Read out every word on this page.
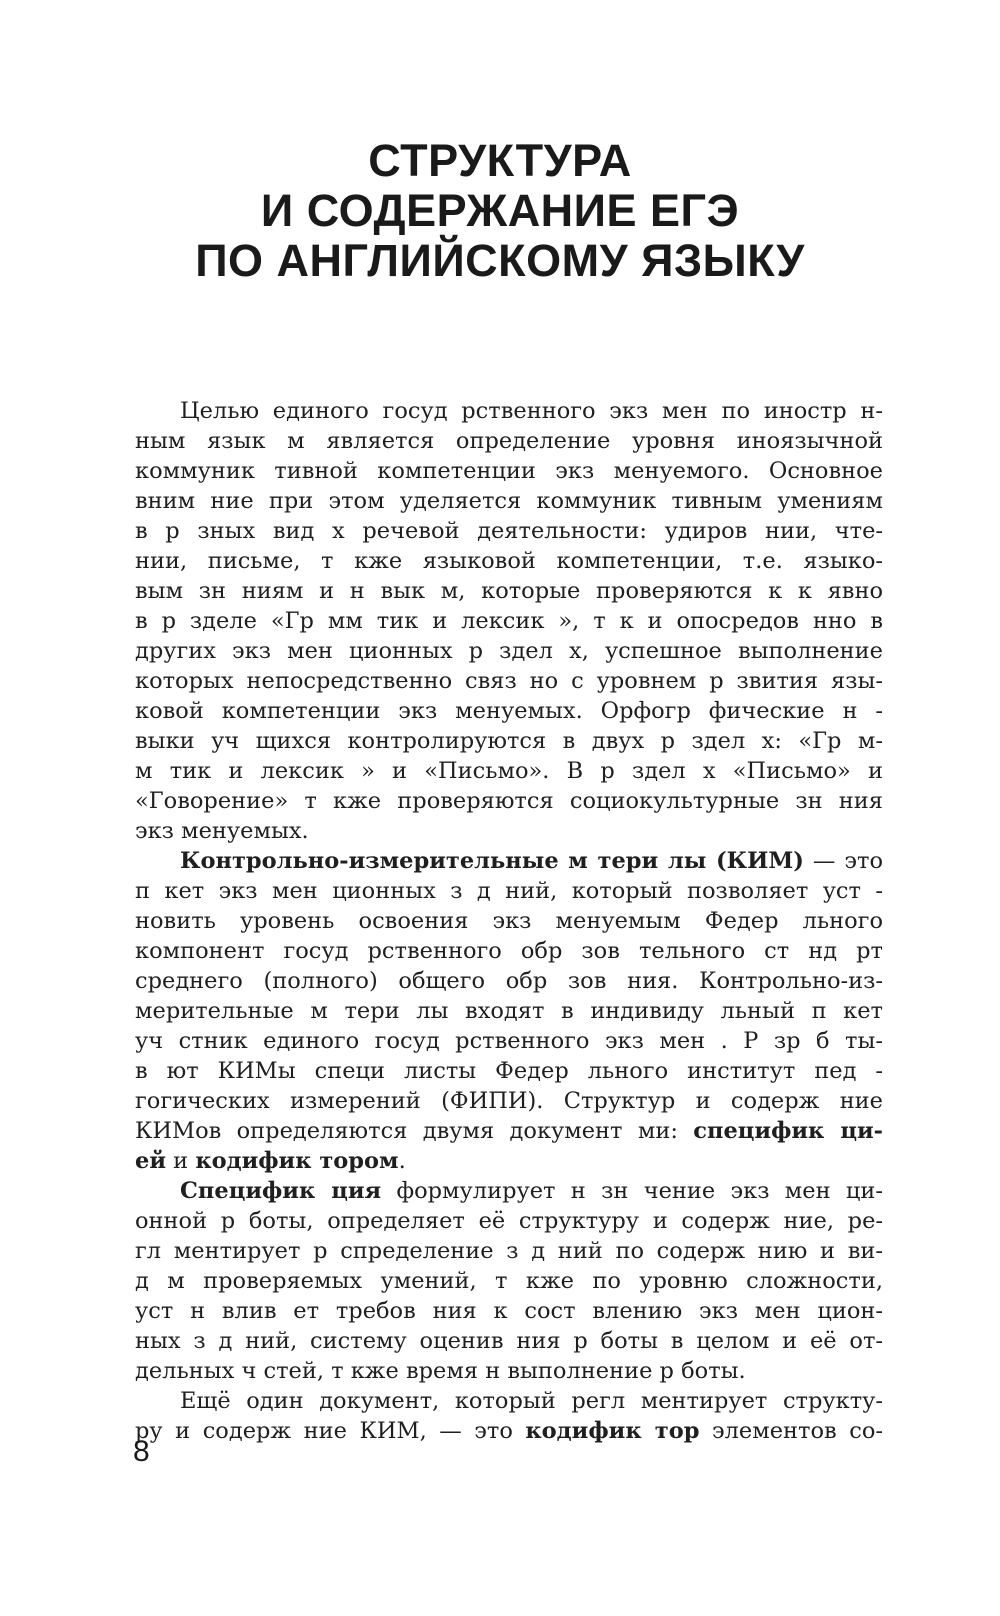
СТРУКТУРА
И СОДЕРЖАНИЕ ЕГЭ
ПО АНГЛИЙСКОМУ ЯЗЫКУ
Целью единого госуд рственного экз мен по иностр н-
ным язык м является определение уровня иноязычной
коммуник тивной компетенции экз менуемого. Основное
вним ние при этом уделяется коммуник тивным умениям
в р зных вид х речевой деятельности: удиров нии, чте-
нии, письме, т кже языковой компетенции, т.е. языко-
вым зн ниям и н вык м, которые проверяются к к явно
в р зделе «Гр мм тик и лексик », т к и опосредов нно в
других экз мен ционных р здел х, успешное выполнение
которых непосредственно связ но с уровнем р звития язы-
ковой компетенции экз менуемых. Орфогр фические н -
выки уч щихся контролируются в двух р здел х: «Гр м-
м тик и лексик » и «Письмо». В р здел х «Письмо» и
«Говорение» т кже проверяются социокультурные зн ния
экз менуемых.
Контрольно-измерительные м тери лы (КИМ) — это
п кет экз мен ционных з д ний, который позволяет уст -
новить уровень освоения экз менуемым Федер льного
компонент госуд рственного обр зов тельного ст нд рт
среднего (полного) общего обр зов ния. Контрольно-из-
мерительные м тери лы входят в индивиду льный п кет
уч стник единого госуд рственного экз мен . Р зр б ты-
в ют КИМы специ листы Федер льного институт пед -
гогических измерений (ФИПИ). Структур и содерж ние
КИМов определяются двумя документ ми: специфик ци-
ей и кодифик тором.
Специфик ция формулирует н зн чение экз мен ци-
онной р боты, определяет её структуру и содерж ние, ре-
гл ментирует р спределение з д ний по содерж нию и ви-
д м проверяемых умений, т кже по уровню сложности,
уст н влив ет требов ния к сост влению экз мен цион-
ных з д ний, систему оценив ния р боты в целом и её от-
дельных ч стей, т кже время н выполнение р боты.
Ещё один документ, который регл ментирует структу-
ру и содерж ние КИМ, — это кодифик тор элементов со-
8
